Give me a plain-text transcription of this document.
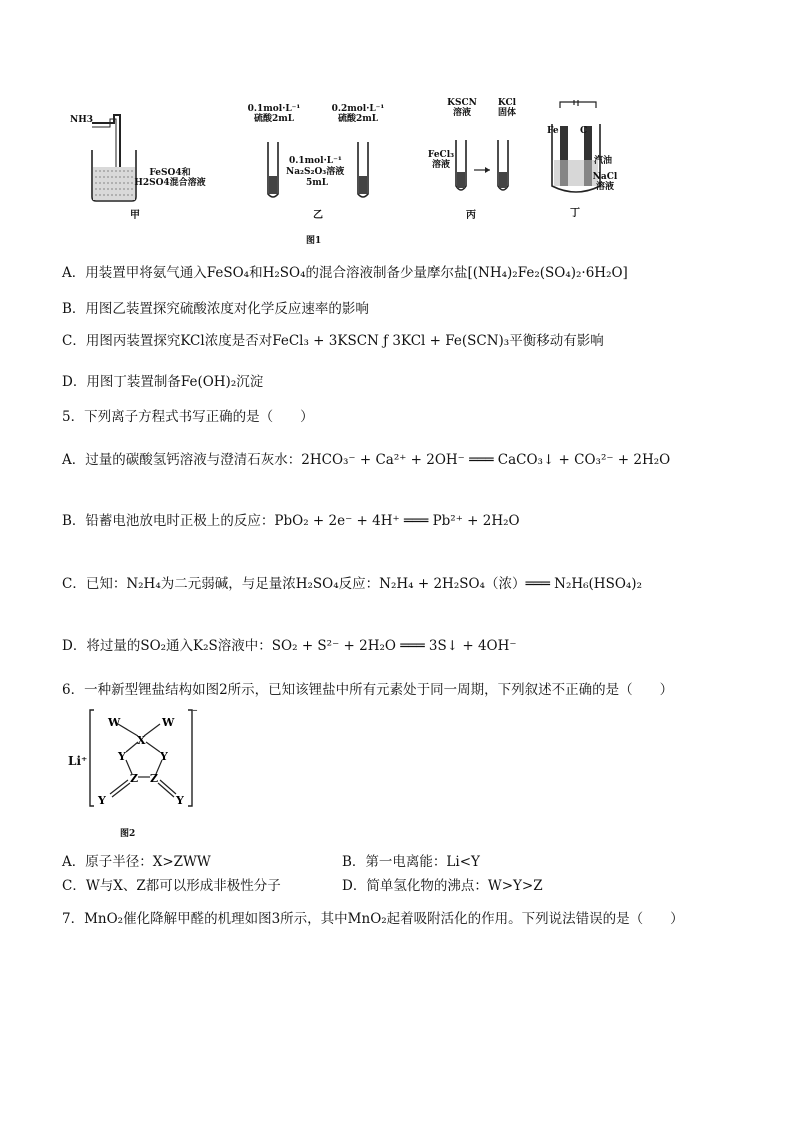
NH3
FeSO4和H2SO4混合溶液
甲
0.1mol·L⁻¹硫酸2mL
0.2mol·L⁻¹硫酸2mL
0.1mol·L⁻¹
Na₂S₂O₃溶液
5mL
乙
KSCN溶液
KCl固体
FeCl₃溶液
丙
Fe C
汽油
NaCl溶液
丁
图1
A．用装置甲将氨气通入FeSO₄和H₂SO₄的混合溶液制备少量摩尔盐[(NH₄)₂Fe₂(SO₄)₂·6H₂O]
B．用图乙装置探究硫酸浓度对化学反应速率的影响
C．用图丙装置探究KCl浓度是否对FeCl₃ + 3KSCN ƒ 3KCl + Fe(SCN)₃平衡移动有影响
D．用图丁装置制备Fe(OH)₂沉淀
5．下列离子方程式书写正确的是（　　）
A．过量的碳酸氢钙溶液与澄清石灰水：2HCO₃⁻ + Ca²⁺ + 2OH⁻ ═══ CaCO₃↓ + CO₃²⁻ + 2H₂O
B．铅蓄电池放电时正极上的反应：PbO₂ + 2e⁻ + 4H⁺ ═══ Pb²⁺ + 2H₂O
C．已知：N₂H₄为二元弱碱，与足量浓H₂SO₄反应：N₂H₄ + 2H₂SO₄（浓）═══ N₂H₆(HSO₄)₂
D．将过量的SO₂通入K₂S溶液中：SO₂ + S²⁻ + 2H₂O ═══ 3S↓ + 4OH⁻
6．一种新型锂盐结构如图2所示，已知该锂盐中所有元素处于同一周期，下列叙述不正确的是（　　）
Li⁺
W	W
X
Y	Y
Z Z
Y	Y
⁻
图2
A．原子半径：X>ZWW	B．第一电离能：Li<Y
C．W与X、Z都可以形成非极性分子	D．简单氢化物的沸点：W>Y>Z
7．MnO₂催化降解甲醛的机理如图3所示，其中MnO₂起着吸附活化的作用。下列说法错误的是（　　）
